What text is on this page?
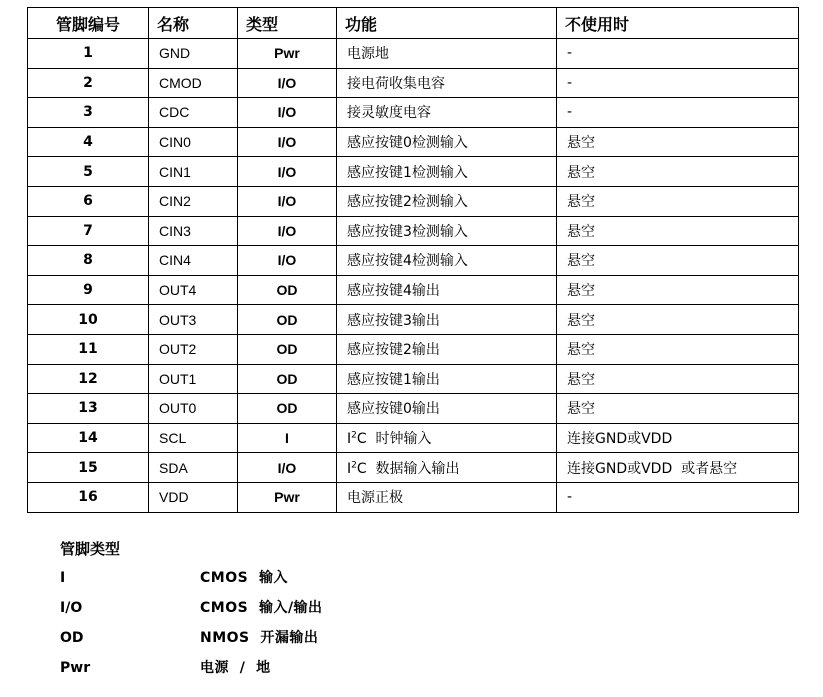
管脚编号	名称	类型	功能	不使用时
1	GND	Pwr	电源地	-
2	CMOD	I/O	接电荷收集电容	-
3	CDC	I/O	接灵敏度电容	-
4	CIN0	I/O	感应按键0检测输入	悬空
5	CIN1	I/O	感应按键1检测输入	悬空
6	CIN2	I/O	感应按键2检测输入	悬空
7	CIN3	I/O	感应按键3检测输入	悬空
8	CIN4	I/O	感应按键4检测输入	悬空
9	OUT4	OD	感应按键4输出	悬空
10	OUT3	OD	感应按键3输出	悬空
11	OUT2	OD	感应按键2输出	悬空
12	OUT1	OD	感应按键1输出	悬空
13	OUT0	OD	感应按键0输出	悬空
14	SCL	I	$I^2C$  时钟输入	连接GND或VDD
15	SDA	I/O	$I^2C$  数据输入输出	连接GND或VDD  或者悬空
16	VDD	Pwr	电源正极	-
管脚类型
I	CMOS  输入
I/O	CMOS  输入/输出
OD	NMOS  开漏输出
Pwr	电源  /  地
